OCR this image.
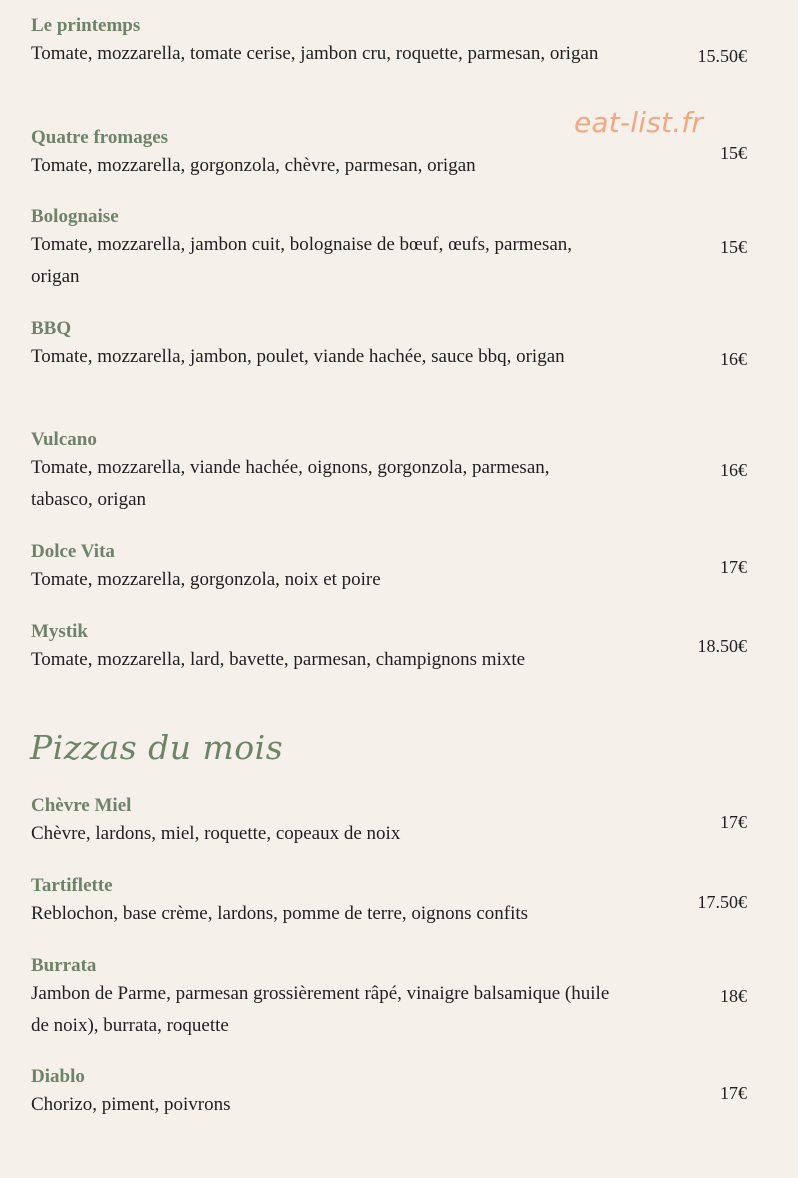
eat-list.fr
Le printemps
Tomate, mozzarella, tomate cerise, jambon cru, roquette, parmesan, origan	15.50€
Quatre fromages
Tomate, mozzarella, gorgonzola, chèvre, parmesan, origan
15€
Bolognaise
Tomate, mozzarella, jambon cuit, bolognaise de bœuf, œufs, parmesan, origan
15€
BBQ
Tomate, mozzarella, jambon, poulet, viande hachée, sauce bbq, origan	16€
Vulcano
Tomate, mozzarella, viande hachée, oignons, gorgonzola, parmesan, tabasco, origan
16€
Dolce Vita
Tomate, mozzarella, gorgonzola, noix et poire
17€
Mystik
Tomate, mozzarella, lard, bavette, parmesan, champignons mixte
18.50€
Pizzas du mois
Chèvre Miel
Chèvre, lardons, miel, roquette, copeaux de noix
17€
Tartiflette
Reblochon, base crème, lardons, pomme de terre, oignons confits
17.50€
Burrata
Jambon de Parme, parmesan grossièrement râpé, vinaigre balsamique (huile de noix), burrata, roquette
18€
Diablo
Chorizo, piment, poivrons
17€
